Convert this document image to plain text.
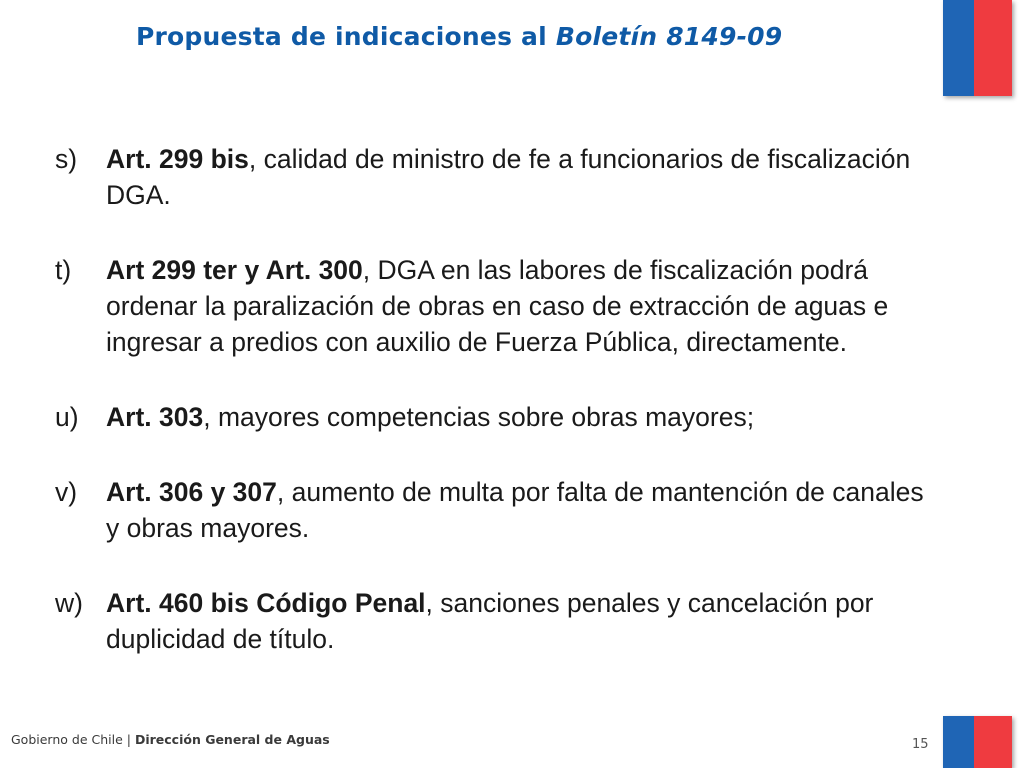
Propuesta de indicaciones al Boletín 8149-09
s)	Art. 299 bis, calidad de ministro de fe a funcionarios de fiscalización DGA.
t)	Art 299 ter y Art. 300, DGA en las labores de fiscalización podrá ordenar la paralización de obras en caso de extracción de aguas e ingresar a predios con auxilio de Fuerza Pública, directamente.
u)	Art. 303, mayores competencias sobre obras mayores;
v)	Art. 306 y 307, aumento de multa por falta de mantención de canales y obras mayores.
w) Art. 460 bis Código Penal, sanciones penales y cancelación por duplicidad de título.
Gobierno de Chile | Dirección General de Aguas	15
